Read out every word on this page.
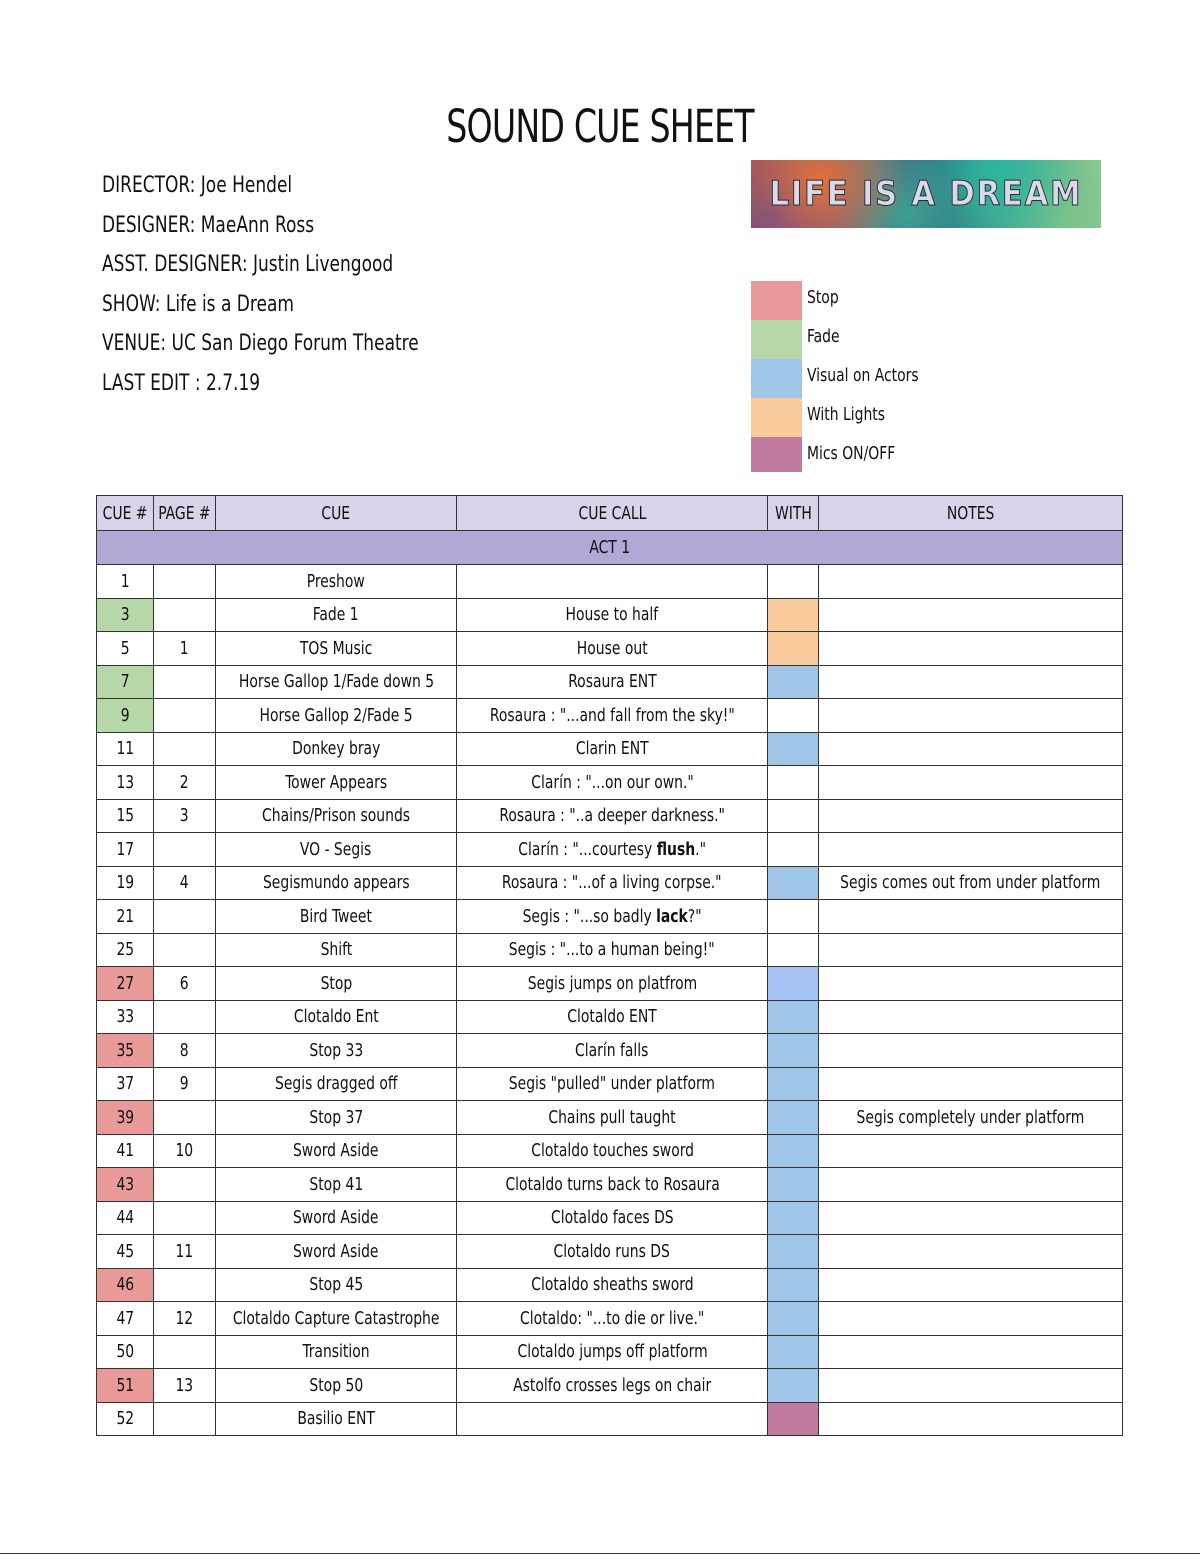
SOUND CUE SHEET
DIRECTOR: Joe Hendel
DESIGNER: MaeAnn Ross
ASST. DESIGNER: Justin Livengood
SHOW: Life is a Dream
VENUE: UC San Diego Forum Theatre
LAST EDIT : 2.7.19
LIFE IS A DREAM
Stop
Fade
Visual on Actors
With Lights
Mics ON/OFF
CUE #	PAGE #	CUE	CUE CALL	WITH	NOTES
ACT 1					
1		Preshow			
3		Fade 1	House to half		
5	1	TOS Music	House out		
7		Horse Gallop 1/Fade down 5	Rosaura ENT		
9		Horse Gallop 2/Fade 5	Rosaura : "...and fall from the sky!"		
11		Donkey bray	Clarin ENT		
13	2	Tower Appears	Clarín : "...on our own."		
15	3	Chains/Prison sounds	Rosaura : "..a deeper darkness."		
17		VO - Segis	Clarín : "...courtesy flush."		
19	4	Segismundo appears	Rosaura : "...of a living corpse."		Segis comes out from under platform
21		Bird Tweet	Segis : "...so badly lack?"		
25		Shift	Segis : "...to a human being!"		
27	6	Stop	Segis jumps on platfrom		
33		Clotaldo Ent	Clotaldo ENT		
35	8	Stop 33	Clarín falls		
37	9	Segis dragged off	Segis "pulled" under platform		
39		Stop 37	Chains pull taught		Segis completely under platform
41	10	Sword Aside	Clotaldo touches sword		
43		Stop 41	Clotaldo turns back to Rosaura		
44		Sword Aside	Clotaldo faces DS		
45	11	Sword Aside	Clotaldo runs DS		
46		Stop 45	Clotaldo sheaths sword		
47	12	Clotaldo Capture Catastrophe	Clotaldo: "...to die or live."		
50		Transition	Clotaldo jumps off platform		
51	13	Stop 50	Astolfo crosses legs on chair		
52		Basilio ENT			
